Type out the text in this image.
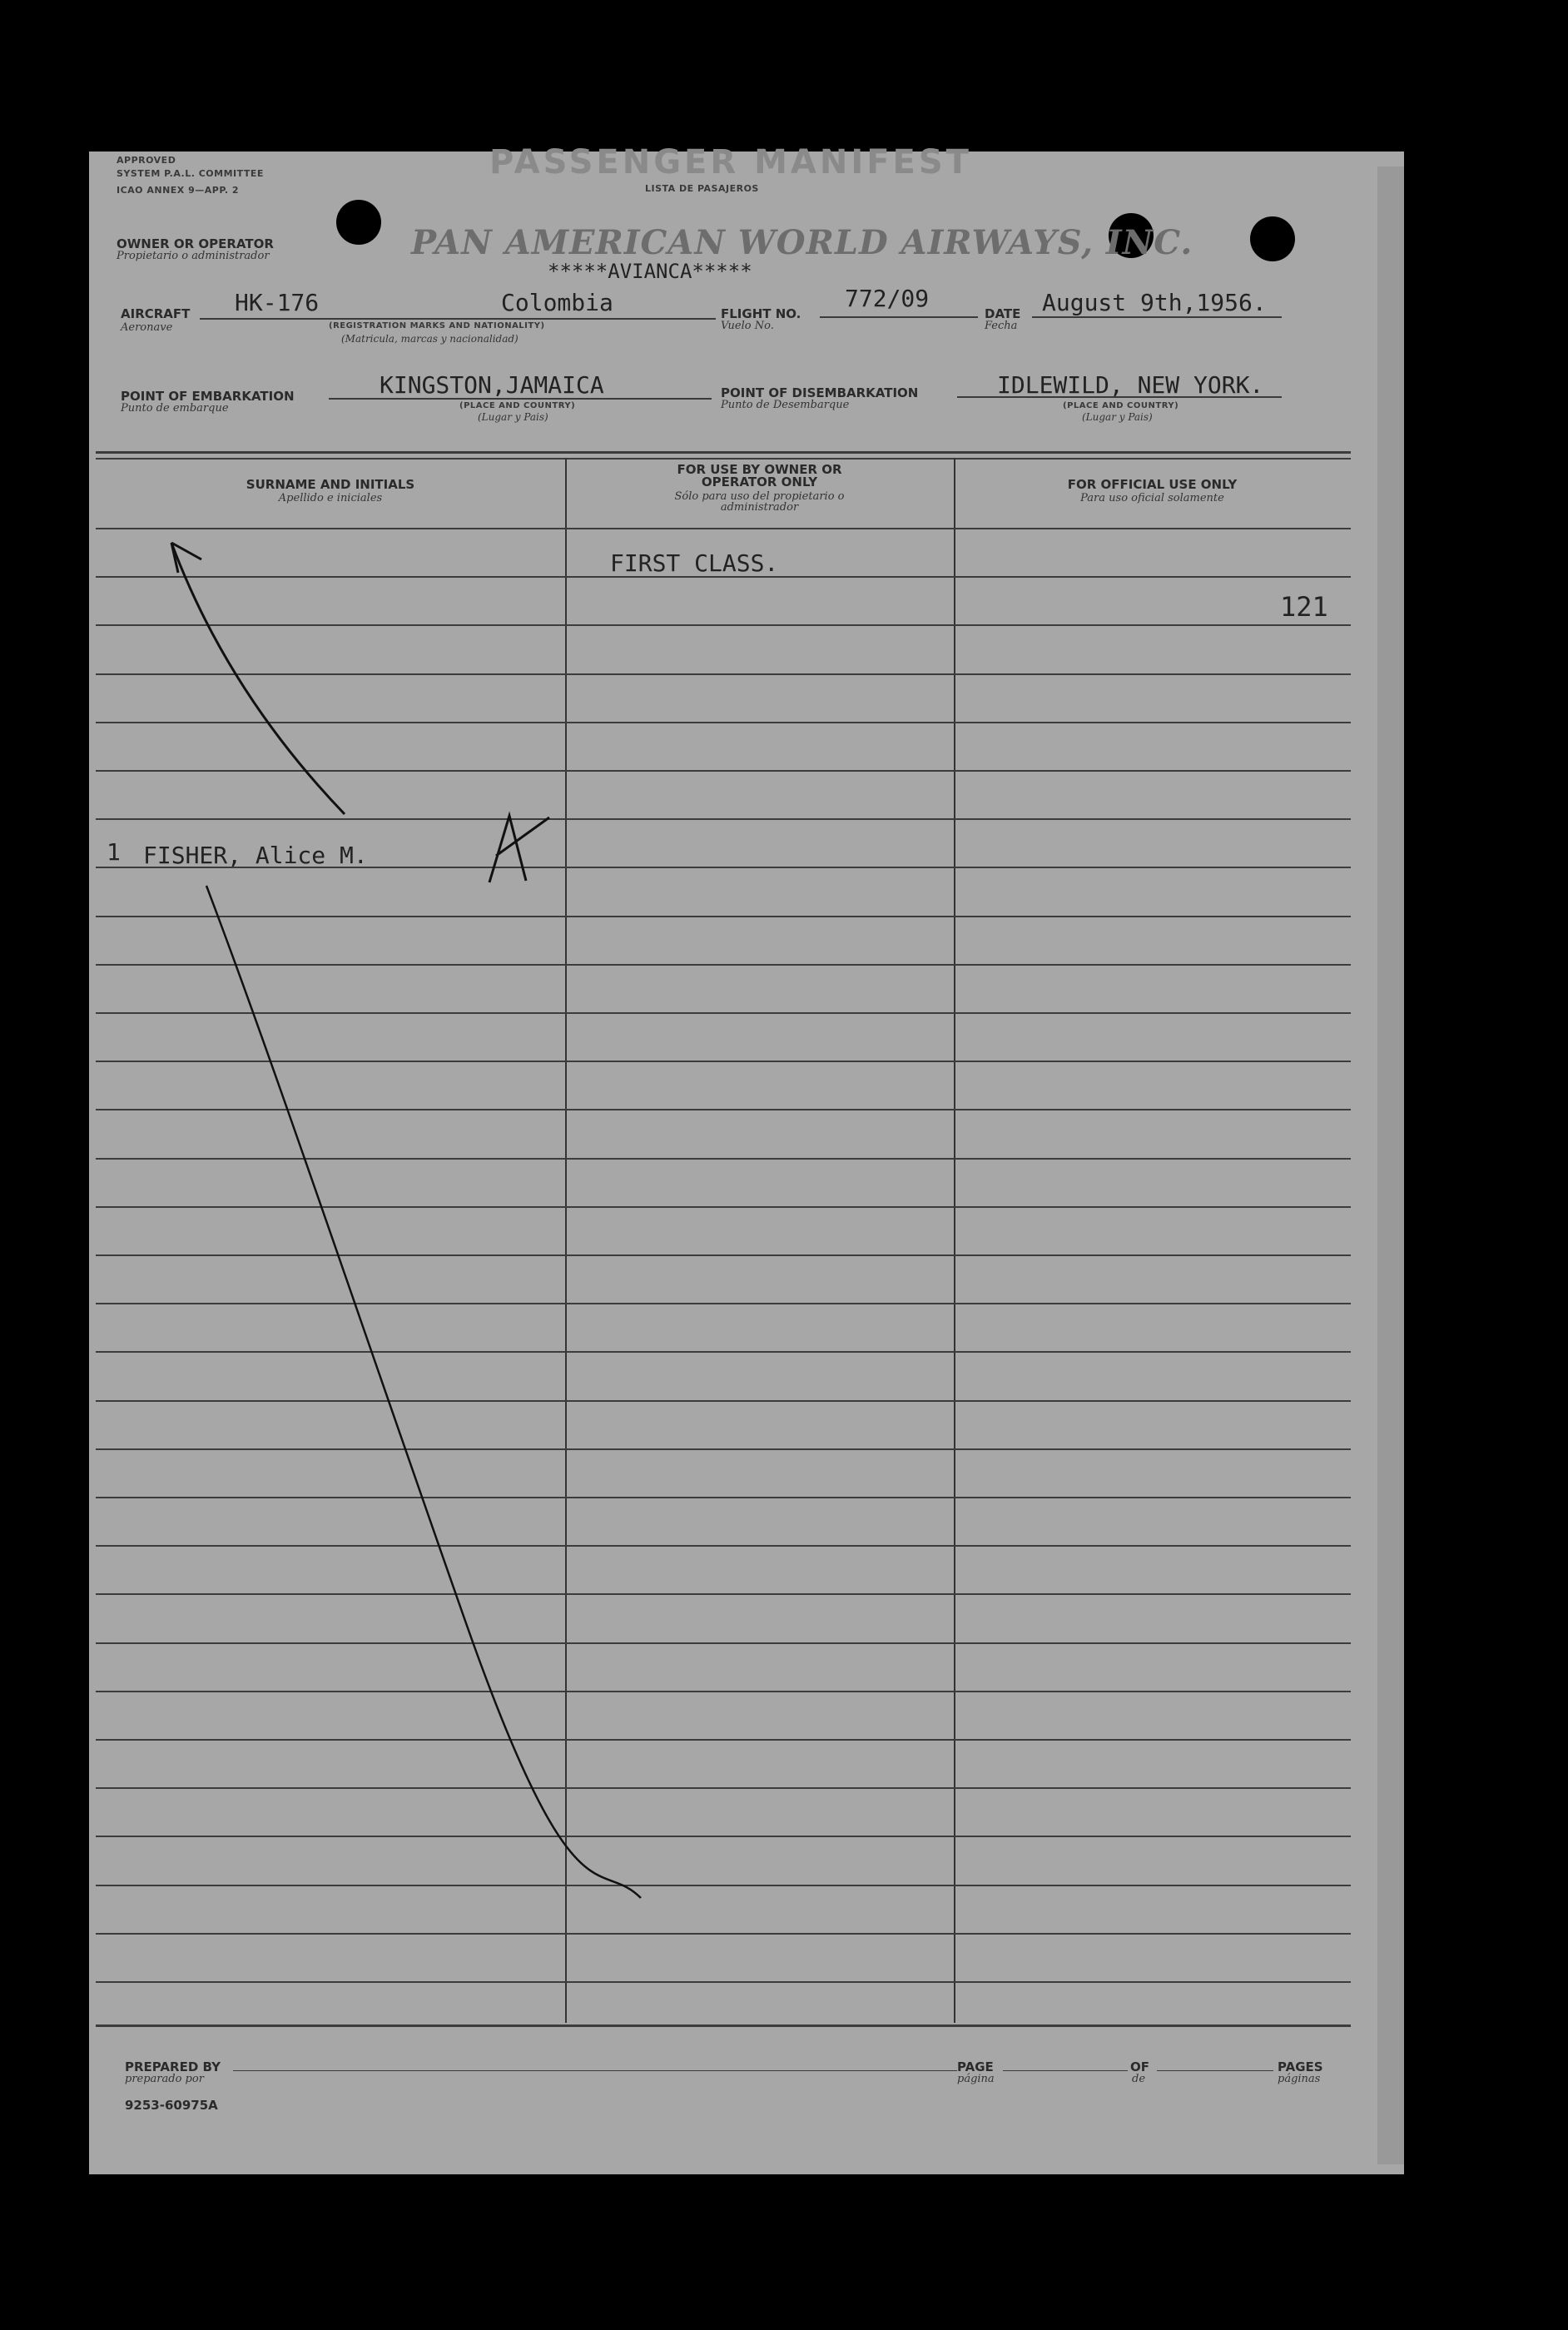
APPROVED
SYSTEM P.A.L. COMMITTEE
ICAO ANNEX 9—APP. 2
PASSENGER MANIFEST
LISTA DE PASAJEROS
OWNER OR OPERATOR
Propietario o administrador	PAN AMERICAN WORLD AIRWAYS, INC.
*****AVIANCA*****
AIRCRAFT
Aeronave
HK-176	Colombia
(REGISTRATION MARKS AND NATIONALITY)
(Matricula, marcas y nacionalidad)
FLIGHT NO.
Vuelo No.
772/09
DATE
Fecha
August 9th,1956.
POINT OF EMBARKATION
Punto de embarque
KINGSTON,JAMAICA
(PLACE AND COUNTRY)
(Lugar y Pais)
POINT OF DISEMBARKATION
Punto de Desembarque
IDLEWILD, NEW YORK.
(PLACE AND COUNTRY)
(Lugar y Pais)
SURNAME AND INITIALS
Apellido e iniciales
FOR USE BY OWNER OR OPERATOR ONLY
Sólo para uso del propietario o administrador
FOR OFFICIAL USE ONLY
Para uso oficial solamente
FIRST CLASS.
121
1 FISHER, Alice M.
A
PREPARED BY
preparado por
PAGE
página
OF
de
PAGES
páginas
9253-60975A
